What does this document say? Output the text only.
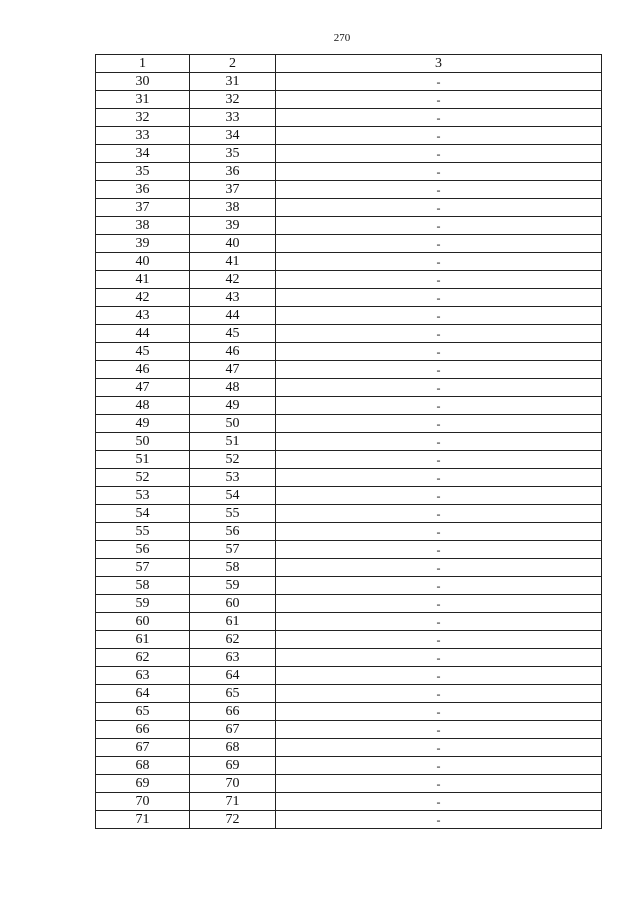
270
1	2	3
30	31	-
31	32	-
32	33	-
33	34	-
34	35	-
35	36	-
36	37	-
37	38	-
38	39	-
39	40	-
40	41	-
41	42	-
42	43	-
43	44	-
44	45	-
45	46	-
46	47	-
47	48	-
48	49	-
49	50	-
50	51	-
51	52	-
52	53	-
53	54	-
54	55	-
55	56	-
56	57	-
57	58	-
58	59	-
59	60	-
60	61	-
61	62	-
62	63	-
63	64	-
64	65	-
65	66	-
66	67	-
67	68	-
68	69	-
69	70	-
70	71	-
71	72	-
